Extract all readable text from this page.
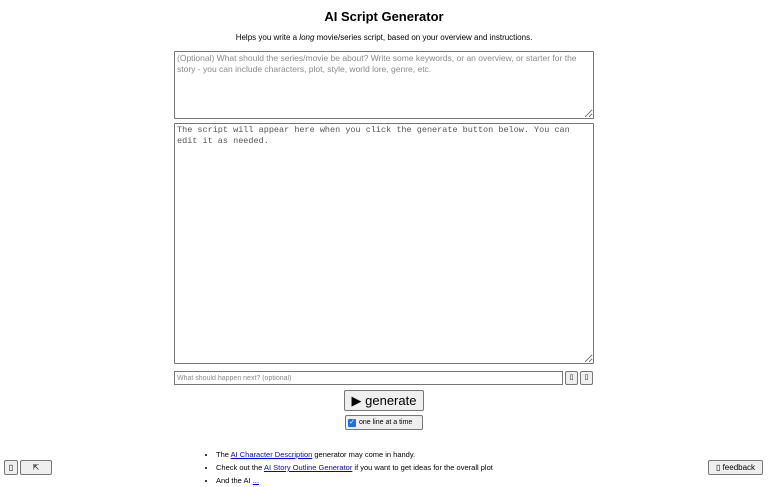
AI Script Generator
Helps you write a long movie/series script, based on your overview and instructions.
(Optional) What should the series/movie be about? Write some keywords, or an overview, or starter for the story - you can include characters, plot, style, world lore, genre, etc.
The script will appear here when you click the generate button below. You can edit it as needed.
What should happen next? (optional)
▯	▯
▶ generate
✓ one line at a time
• The AI Character Description generator may come in handy.
• Check out the AI Story Outline Generator if you want to get ideas for the overall plot
• And the AI ...
▯	⇱	▯ feedback
